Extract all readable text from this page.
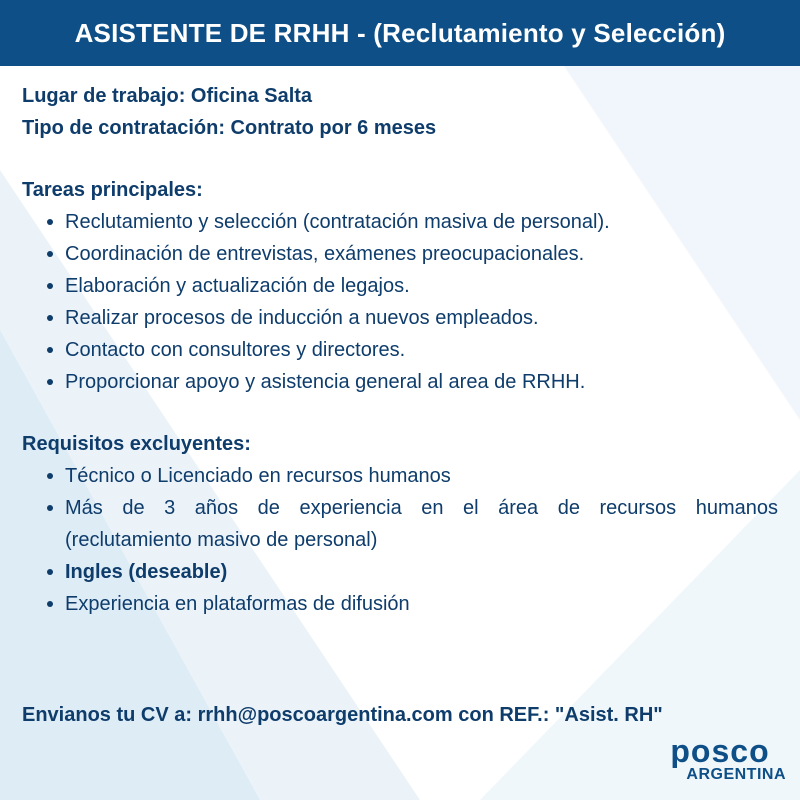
ASISTENTE DE RRHH - (Reclutamiento y Selección)
Lugar de trabajo: Oficina Salta
Tipo de contratación: Contrato por 6 meses
Tareas principales:
Reclutamiento y selección (contratación masiva de personal).
Coordinación de entrevistas, exámenes preocupacionales.
Elaboración y actualización de legajos.
Realizar procesos de inducción a nuevos empleados.
Contacto con consultores y directores.
Proporcionar apoyo y asistencia general al area de RRHH.
Requisitos excluyentes:
Técnico o Licenciado en recursos humanos
Más de 3 años de experiencia en el área de recursos humanos
(reclutamiento masivo de personal)
Ingles (deseable)
Experiencia en plataformas de difusión
Envianos tu CV a: rrhh@poscoargentina.com con REF.: "Asist. RH"
posco
ARGENTINA
